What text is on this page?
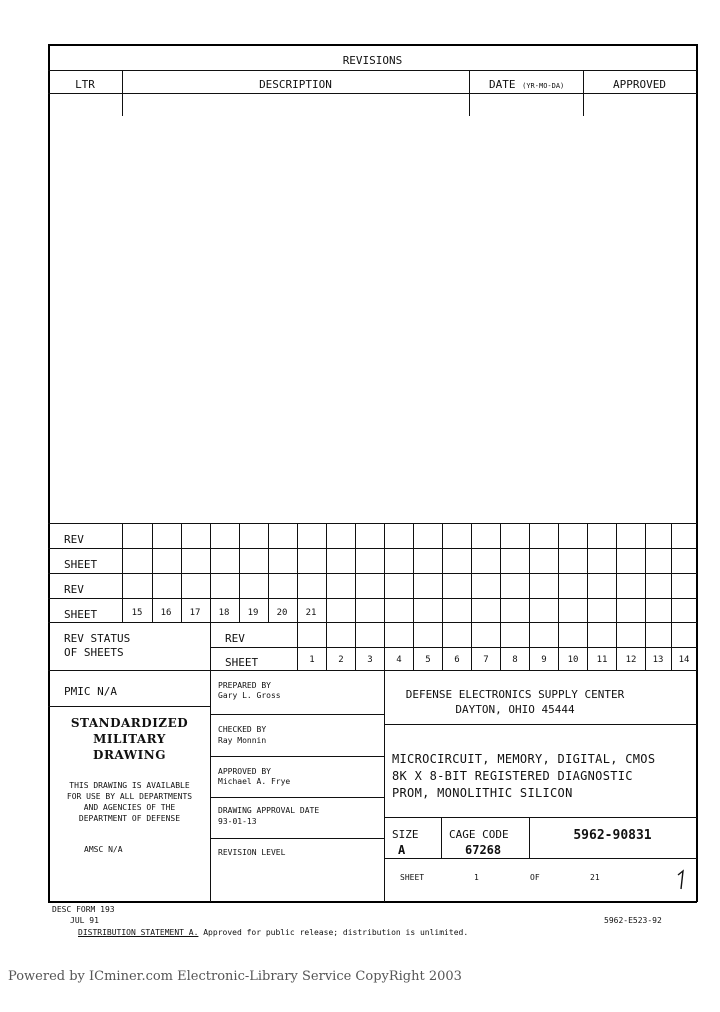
REVISIONS
LTR	DESCRIPTION	DATE (YR-MO-DA)	APPROVED
REV
SHEET
REV
SHEET	15	16	17	18	19	20	21
REV STATUS
OF SHEETS
REV
SHEET	1	2	3	4	5	6	7	8	9	10	11	12	13	14
PMIC N/A
STANDARDIZED
MILITARY
DRAWING
THIS DRAWING IS AVAILABLE
FOR USE BY ALL DEPARTMENTS
AND AGENCIES OF THE
DEPARTMENT OF DEFENSE
AMSC N/A
PREPARED BY
Gary L. Gross
CHECKED BY
Ray Monnin
APPROVED BY
Michael A. Frye
DRAWING APPROVAL DATE
93-01-13
REVISION LEVEL
DEFENSE ELECTRONICS SUPPLY CENTER
DAYTON, OHIO 45444
MICROCIRCUIT, MEMORY, DIGITAL, CMOS
8K X 8-BIT REGISTERED DIAGNOSTIC
PROM, MONOLITHIC SILICON
SIZE
A
CAGE CODE
67268
5962-90831
SHEET	1	OF	21
DESC FORM 193
JUL 91
DISTRIBUTION STATEMENT A. Approved for public release; distribution is unlimited.
5962-E523-92
Powered by ICminer.com Electronic-Library Service CopyRight 2003
